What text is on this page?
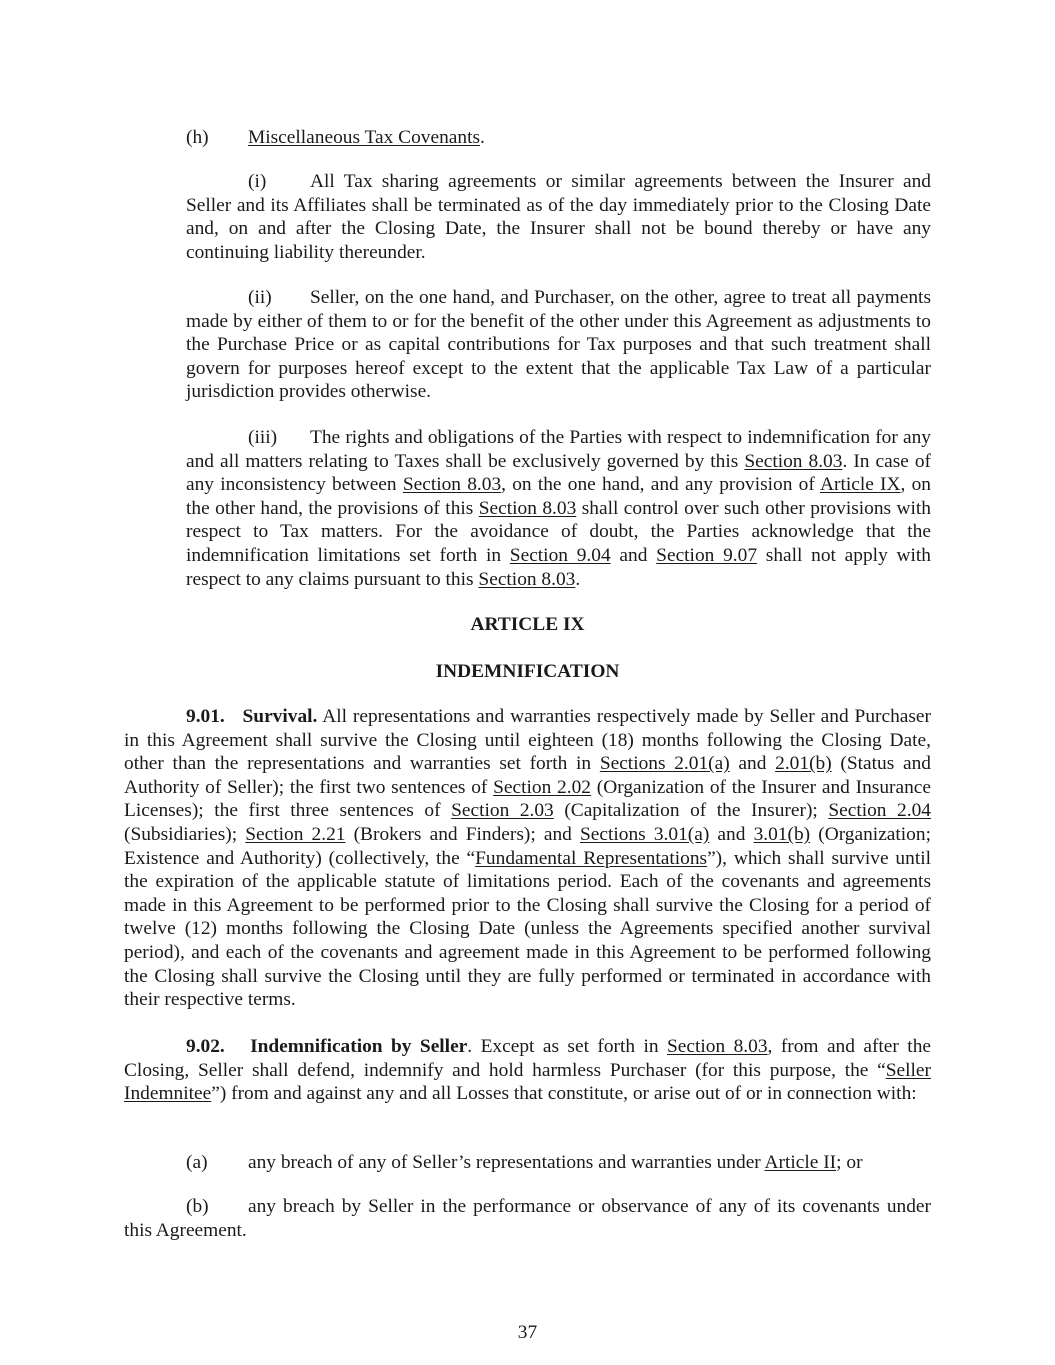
(h) Miscellaneous Tax Covenants.

(i) All Tax sharing agreements or similar agreements between the Insurer and Seller and its Affiliates shall be terminated as of the day immediately prior to the Closing Date and, on and after the Closing Date, the Insurer shall not be bound thereby or have any continuing liability thereunder.

(ii) Seller, on the one hand, and Purchaser, on the other, agree to treat all payments made by either of them to or for the benefit of the other under this Agreement as adjustments to the Purchase Price or as capital contributions for Tax purposes and that such treatment shall govern for purposes hereof except to the extent that the applicable Tax Law of a particular jurisdiction provides otherwise.

(iii) The rights and obligations of the Parties with respect to indemnification for any and all matters relating to Taxes shall be exclusively governed by this Section 8.03. In case of any inconsistency between Section 8.03, on the one hand, and any provision of Article IX, on the other hand, the provisions of this Section 8.03 shall control over such other provisions with respect to Tax matters. For the avoidance of doubt, the Parties acknowledge that the indemnification limitations set forth in Section 9.04 and Section 9.07 shall not apply with respect to any claims pursuant to this Section 8.03.

ARTICLE IX

INDEMNIFICATION

9.01. Survival. All representations and warranties respectively made by Seller and Purchaser in this Agreement shall survive the Closing until eighteen (18) months following the Closing Date, other than the representations and warranties set forth in Sections 2.01(a) and 2.01(b) (Status and Authority of Seller); the first two sentences of Section 2.02 (Organization of the Insurer and Insurance Licenses); the first three sentences of Section 2.03 (Capitalization of the Insurer); Section 2.04 (Subsidiaries); Section 2.21 (Brokers and Finders); and Sections 3.01(a) and 3.01(b) (Organization; Existence and Authority) (collectively, the “Fundamental Representations”), which shall survive until the expiration of the applicable statute of limitations period. Each of the covenants and agreements made in this Agreement to be performed prior to the Closing shall survive the Closing for a period of twelve (12) months following the Closing Date (unless the Agreements specified another survival period), and each of the covenants and agreement made in this Agreement to be performed following the Closing shall survive the Closing until they are fully performed or terminated in accordance with their respective terms.

9.02. Indemnification by Seller. Except as set forth in Section 8.03, from and after the Closing, Seller shall defend, indemnify and hold harmless Purchaser (for this purpose, the “Seller Indemnitee”) from and against any and all Losses that constitute, or arise out of or in connection with:

(a) any breach of any of Seller’s representations and warranties under Article II; or

(b) any breach by Seller in the performance or observance of any of its covenants under this Agreement.

37
